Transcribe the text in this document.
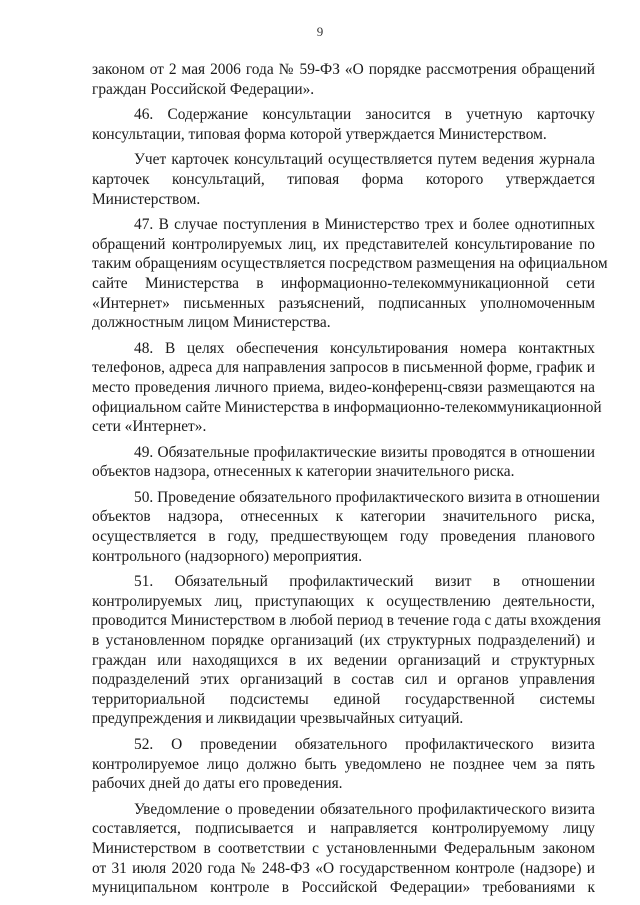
9
законом от 2 мая 2006 года № 59-ФЗ «О порядке рассмотрения обращений
граждан Российской Федерации».
46. Содержание консультации заносится в учетную карточку
консультации, типовая форма которой утверждается Министерством.
Учет карточек консультаций осуществляется путем ведения журнала
карточек консультаций, типовая форма которого утверждается
Министерством.
47. В случае поступления в Министерство трех и более однотипных
обращений контролируемых лиц, их представителей консультирование по
таким обращениям осуществляется посредством размещения на официальном
сайте Министерства в информационно-телекоммуникационной сети
«Интернет» письменных разъяснений, подписанных уполномоченным
должностным лицом Министерства.
48. В целях обеспечения консультирования номера контактных
телефонов, адреса для направления запросов в письменной форме, график и
место проведения личного приема, видео-конференц-связи размещаются на
официальном сайте Министерства в информационно-телекоммуникационной
сети «Интернет».
49. Обязательные профилактические визиты проводятся в отношении
объектов надзора, отнесенных к категории значительного риска.
50. Проведение обязательного профилактического визита в отношении
объектов надзора, отнесенных к категории значительного риска,
осуществляется в году, предшествующем году проведения планового
контрольного (надзорного) мероприятия.
51. Обязательный профилактический визит в отношении
контролируемых лиц, приступающих к осуществлению деятельности,
проводится Министерством в любой период в течение года с даты вхождения
в установленном порядке организаций (их структурных подразделений) и
граждан или находящихся в их ведении организаций и структурных
подразделений этих организаций в состав сил и органов управления
территориальной подсистемы единой государственной системы
предупреждения и ликвидации чрезвычайных ситуаций.
52. О проведении обязательного профилактического визита
контролируемое лицо должно быть уведомлено не позднее чем за пять
рабочих дней до даты его проведения.
Уведомление о проведении обязательного профилактического визита
составляется, подписывается и направляется контролируемому лицу
Министерством в соответствии с установленными Федеральным законом
от 31 июля 2020 года № 248-ФЗ «О государственном контроле (надзоре) и
муниципальном контроле в Российской Федерации» требованиями к
